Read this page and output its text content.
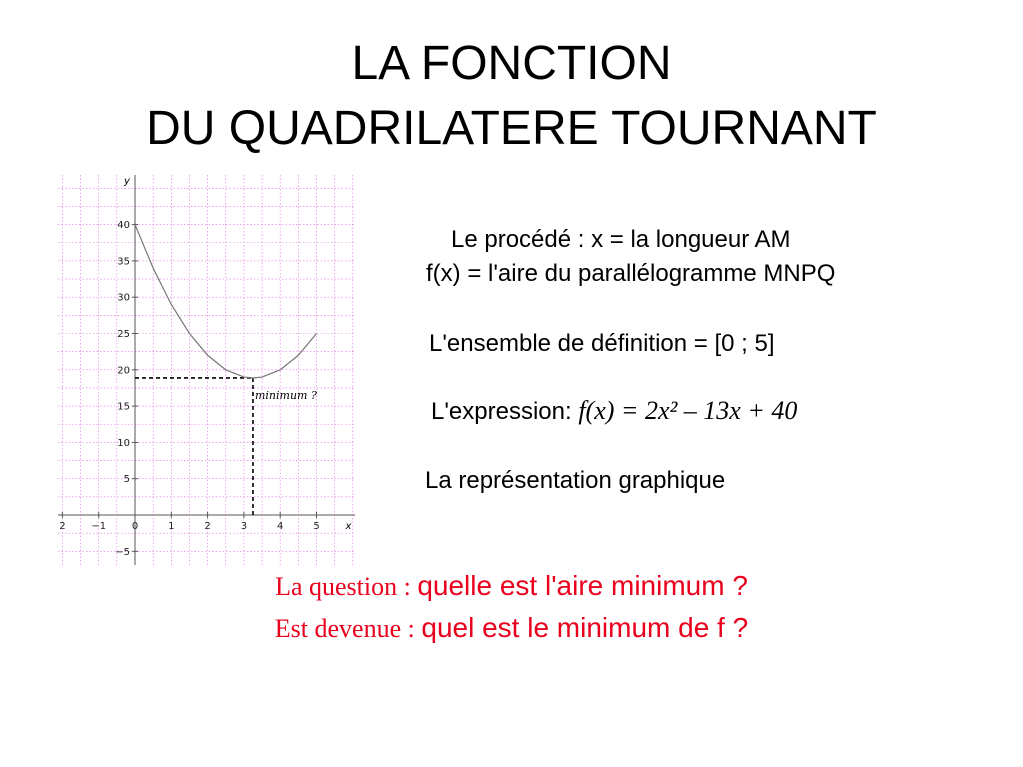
LA FONCTION
DU QUADRILATERE TOURNANT
2	−1	0	1	2	3	4	5
−5
5
10
15
20
25
30
35
40
x
y
minimum ?
Le procédé : x = la longueur AM
f(x) = l'aire du parallélogramme MNPQ
L'ensemble de définition = [0 ; 5]
L'expression: f(x) = 2x² – 13x + 40
La représentation graphique
La question : quelle est l'aire minimum ?
Est devenue : quel est le minimum de f ?
